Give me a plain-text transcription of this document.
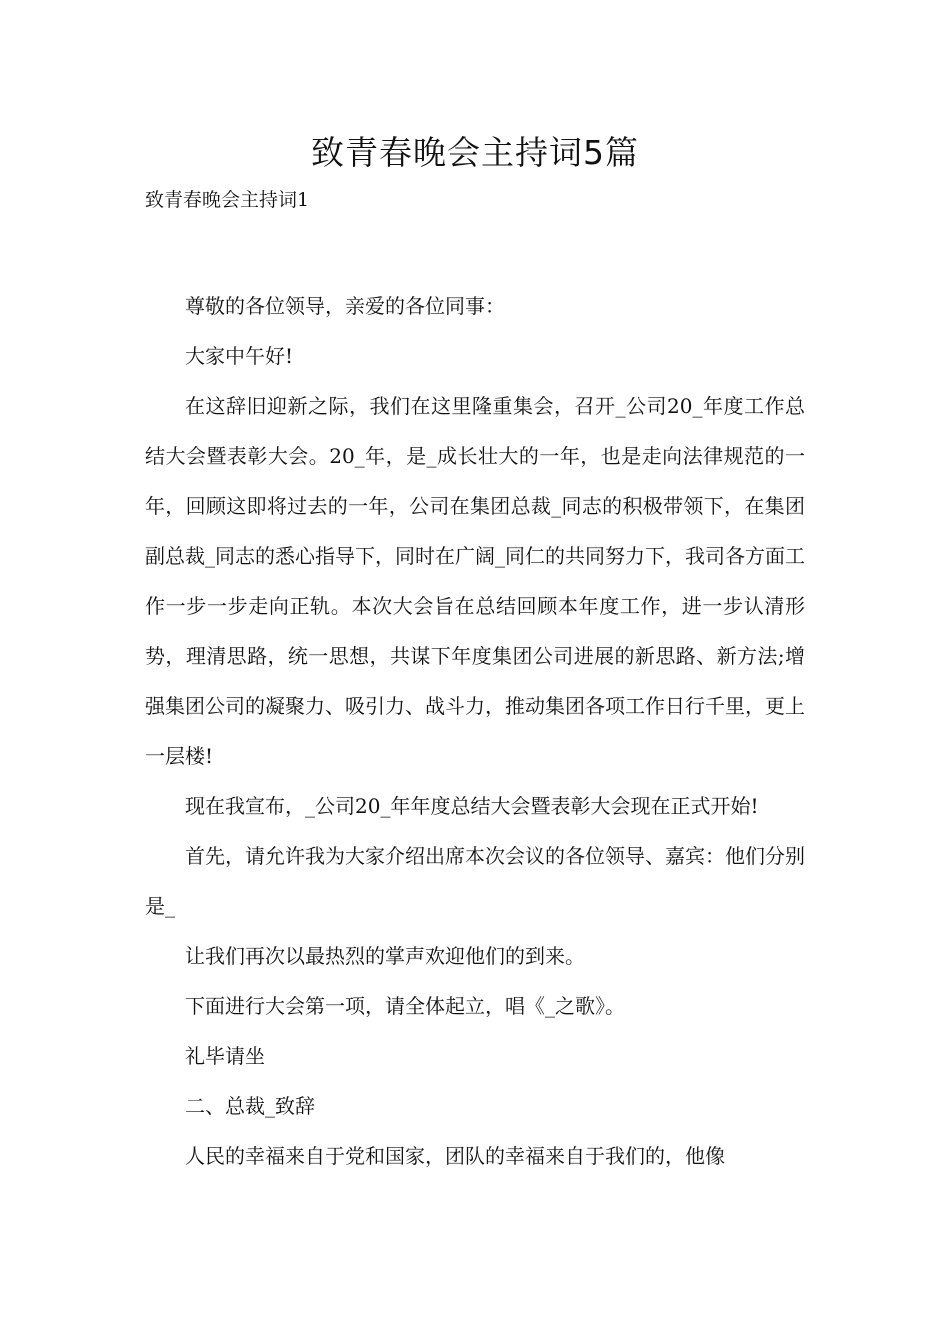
致青春晚会主持词5篇

致青春晚会主持词1

尊敬的各位领导，亲爱的各位同事：

大家中午好!

在这辞旧迎新之际，我们在这里隆重集会，召开_公司20_年度工作总结大会暨表彰大会。20_年，是_成长壮大的一年，也是走向法律规范的一年，回顾这即将过去的一年，公司在集团总裁_同志的积极带领下，在集团副总裁_同志的悉心指导下，同时在广阔_同仁的共同努力下，我司各方面工作一步一步走向正轨。本次大会旨在总结回顾本年度工作，进一步认清形势，理清思路，统一思想，共谋下年度集团公司进展的新思路、新方法;增强集团公司的凝聚力、吸引力、战斗力，推动集团各项工作日行千里，更上一层楼!

现在我宣布，_公司20_年年度总结大会暨表彰大会现在正式开始!

首先，请允许我为大家介绍出席本次会议的各位领导、嘉宾：他们分别是_

让我们再次以最热烈的掌声欢迎他们的到来。

下面进行大会第一项，请全体起立，唱《_之歌》。

礼毕请坐

二、总裁_致辞

人民的幸福来自于党和国家，团队的幸福来自于我们的，他像
